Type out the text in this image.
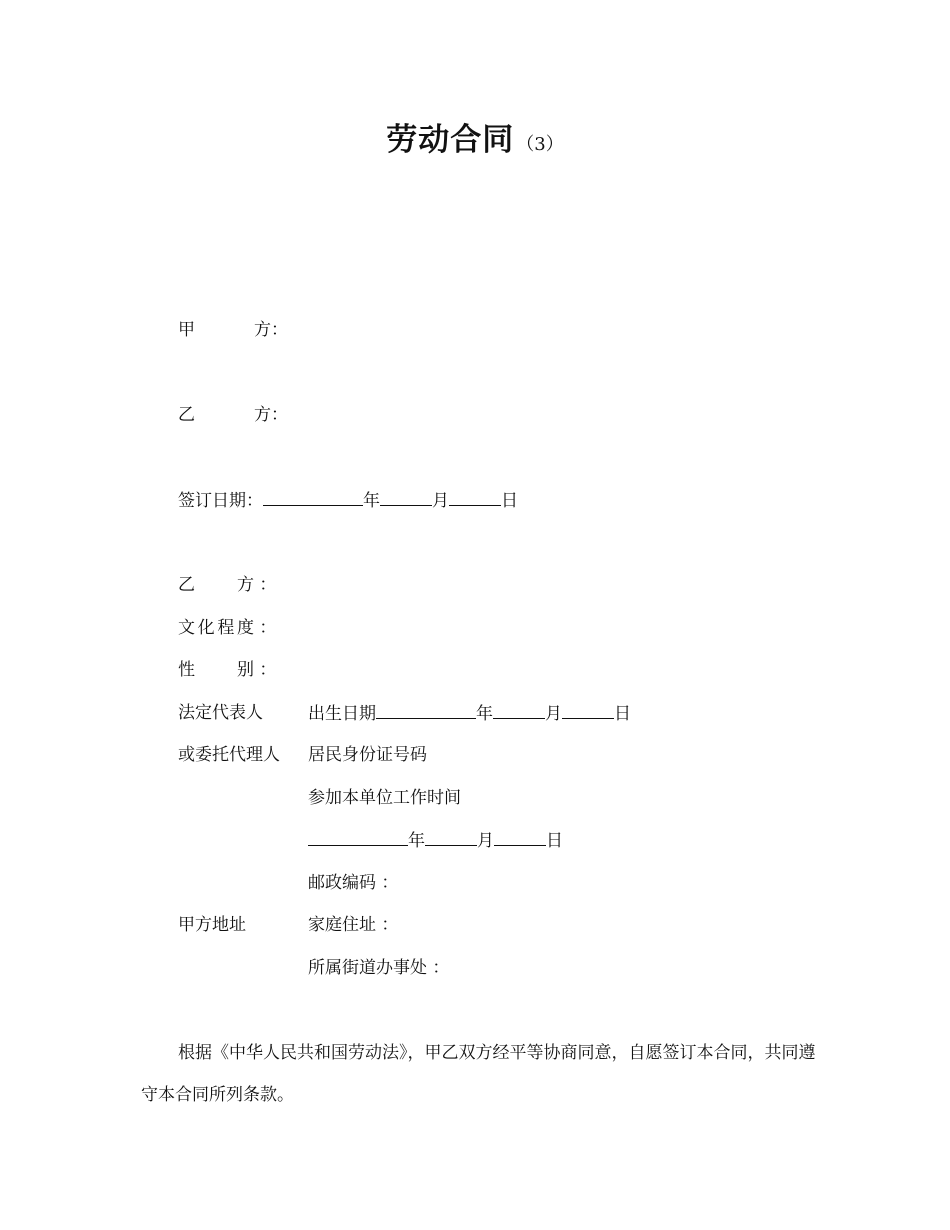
劳动合同 （3）
甲	方：
乙	方：
签订日期：	年	月	日
乙　方 ：
文化程度 ：
性　别 ：
法定代表人	出生日期	年	月	日
或委托代理人 居民身份证号码
参加本单位工作时间
年	月	日
邮政编码 ：
甲方地址	家庭住址 ：
所属街道办事处 ：
根据《中华人民共和国劳动法》，甲乙双方经平等协商同意，自愿签订本合同，共同遵守本合同所列条款。
